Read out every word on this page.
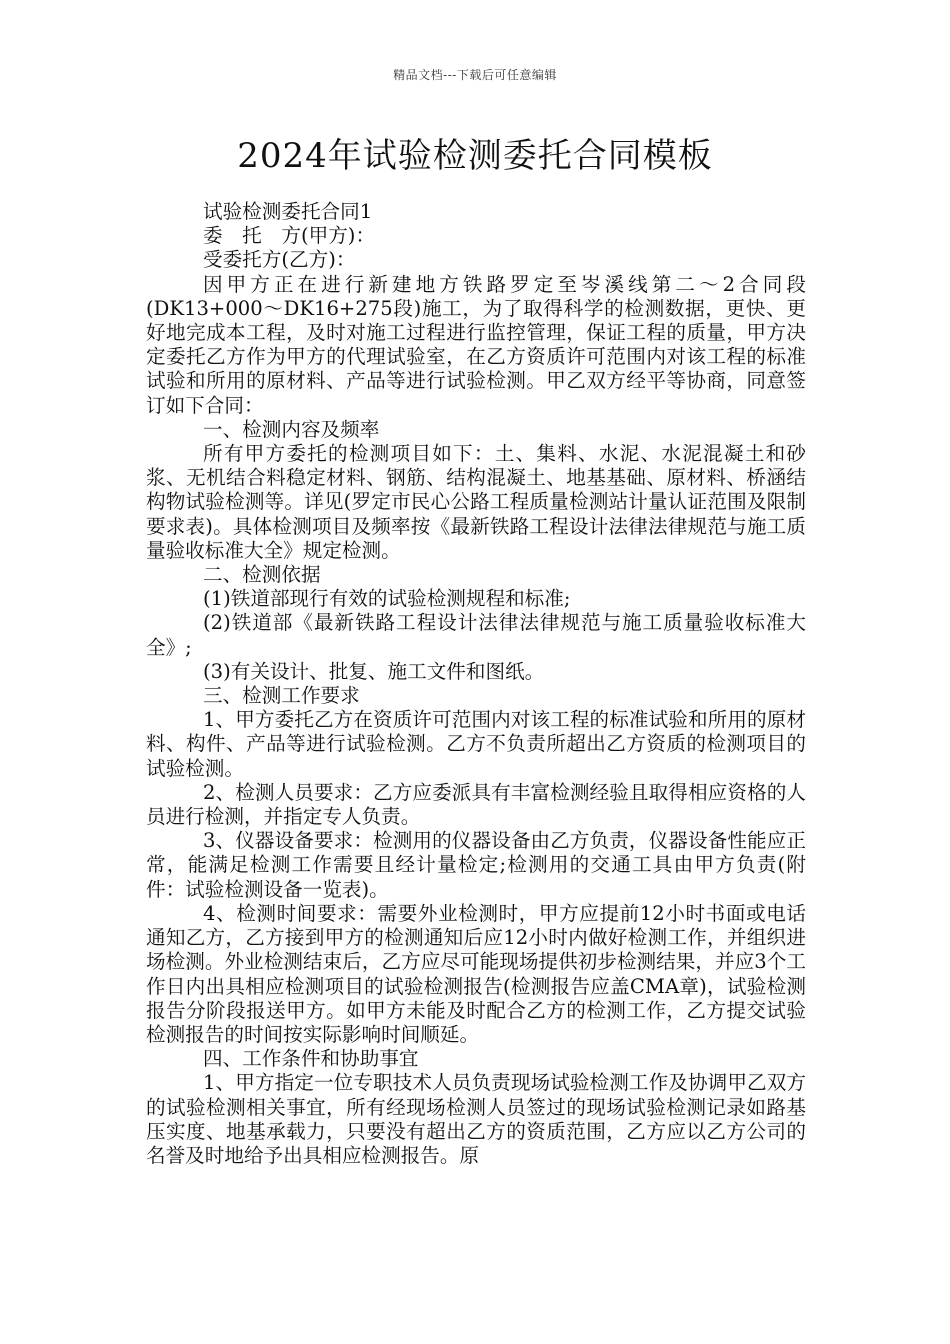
精品文档---下载后可任意编辑
2024年试验检测委托合同模板

试验检测委托合同1

委　托　方(甲方)：

受委托方(乙方)：

因甲方正在进行新建地方铁路罗定至岑溪线第二～2合同段(DK13+000～DK16+275段)施工，为了取得科学的检测数据，更快、更好地完成本工程，及时对施工过程进行监控管理，保证工程的质量，甲方决定委托乙方作为甲方的代理试验室，在乙方资质许可范围内对该工程的标准试验和所用的原材料、产品等进行试验检测。甲乙双方经平等协商，同意签订如下合同：

一、检测内容及频率

所有甲方委托的检测项目如下：土、集料、水泥、水泥混凝土和砂浆、无机结合料稳定材料、钢筋、结构混凝土、地基基础、原材料、桥涵结构物试验检测等。详见(罗定市民心公路工程质量检测站计量认证范围及限制要求表)。具体检测项目及频率按《最新铁路工程设计法律法律规范与施工质量验收标准大全》规定检测。

二、检测依据

(1)铁道部现行有效的试验检测规程和标准;

(2)铁道部《最新铁路工程设计法律法律规范与施工质量验收标准大全》;

(3)有关设计、批复、施工文件和图纸。

三、检测工作要求

1、甲方委托乙方在资质许可范围内对该工程的标准试验和所用的原材料、构件、产品等进行试验检测。乙方不负责所超出乙方资质的检测项目的试验检测。

2、检测人员要求：乙方应委派具有丰富检测经验且取得相应资格的人员进行检测，并指定专人负责。

3、仪器设备要求：检测用的仪器设备由乙方负责，仪器设备性能应正常，能满足检测工作需要且经计量检定;检测用的交通工具由甲方负责(附件：试验检测设备一览表)。

4、检测时间要求：需要外业检测时，甲方应提前12小时书面或电话通知乙方，乙方接到甲方的检测通知后应12小时内做好检测工作，并组织进场检测。外业检测结束后，乙方应尽可能现场提供初步检测结果，并应3个工作日内出具相应检测项目的试验检测报告(检测报告应盖CMA章)，试验检测报告分阶段报送甲方。如甲方未能及时配合乙方的检测工作，乙方提交试验检测报告的时间按实际影响时间顺延。

四、工作条件和协助事宜

1、甲方指定一位专职技术人员负责现场试验检测工作及协调甲乙双方的试验检测相关事宜，所有经现场检测人员签过的现场试验检测记录如路基压实度、地基承载力，只要没有超出乙方的资质范围，乙方应以乙方公司的名誉及时地给予出具相应检测报告。原
